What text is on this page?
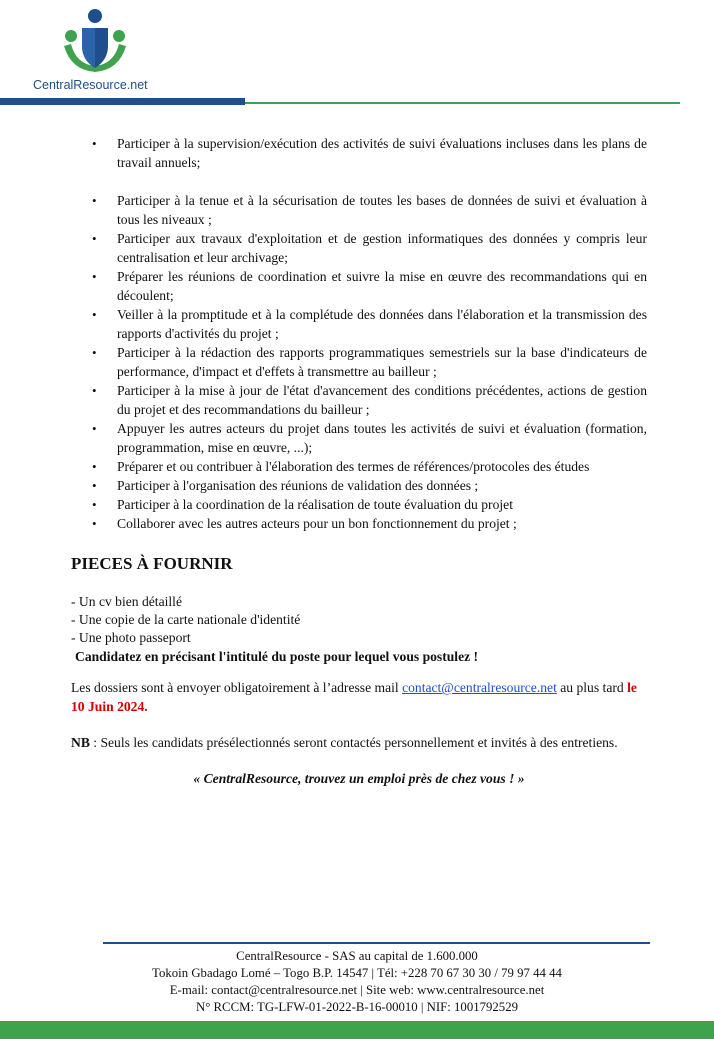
CentralResource.net
• Participer à la supervision/exécution des activités de suivi évaluations incluses dans les plans de travail annuels;
• Participer à la tenue et à la sécurisation de toutes les bases de données de suivi et évaluation à tous les niveaux ;
• Participer aux travaux d'exploitation et de gestion informatiques des données y compris leur centralisation et leur archivage;
• Préparer les réunions de coordination et suivre la mise en œuvre des recommandations qui en découlent;
• Veiller à la promptitude et à la complétude des données dans l'élaboration et la transmission des rapports d'activités du projet ;
• Participer à la rédaction des rapports programmatiques semestriels sur la base d'indicateurs de performance, d'impact et d'effets à transmettre au bailleur ;
• Participer à la mise à jour de l'état d'avancement des conditions précédentes, actions de gestion du projet et des recommandations du bailleur ;
• Appuyer les autres acteurs du projet dans toutes les activités de suivi et évaluation (formation, programmation, mise en œuvre, ...);
• Préparer et ou contribuer à l'élaboration des termes de références/protocoles des études
• Participer à l'organisation des réunions de validation des données ;
• Participer à la coordination de la réalisation de toute évaluation du projet
• Collaborer avec les autres acteurs pour un bon fonctionnement du projet ;
PIECES À FOURNIR
- Un cv bien détaillé
- Une copie de la carte nationale d'identité
- Une photo passeport
Candidatez en précisant l'intitulé du poste pour lequel vous postulez !
Les dossiers sont à envoyer obligatoirement à l’adresse mail contact@centralresource.net au plus tard le 10 Juin 2024.
NB : Seuls les candidats présélectionnés seront contactés personnellement et invités à des entretiens.
« CentralResource, trouvez un emploi près de chez vous ! »
CentralResource - SAS au capital de 1.600.000
Tokoin Gbadago Lomé – Togo B.P. 14547 | Tél: +228 70 67 30 30 / 79 97 44 44
E-mail: contact@centralresource.net | Site web: www.centralresource.net
N° RCCM: TG-LFW-01-2022-B-16-00010 | NIF: 1001792529
